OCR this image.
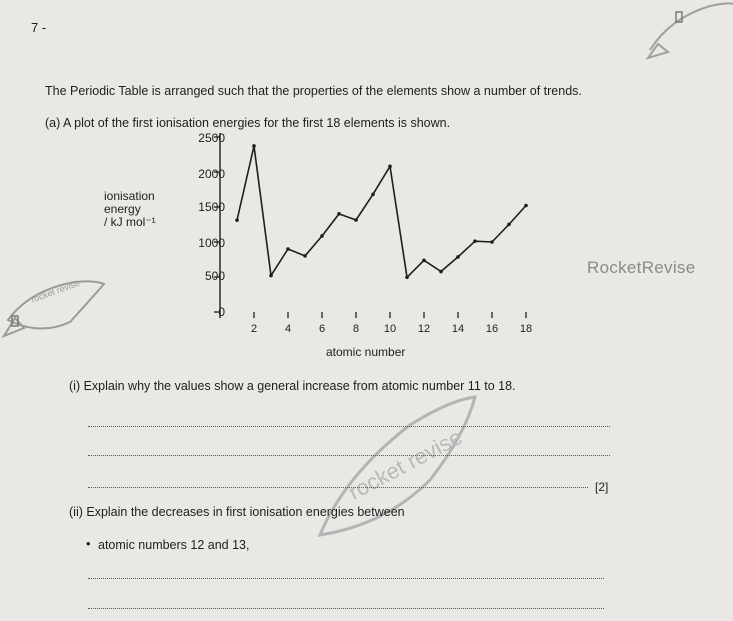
7 -
The Periodic Table is arranged such that the properties of the elements show a number of trends.
(a) A plot of the first ionisation energies for the first 18 elements is shown.
ionisation
energy
/ kJ mol⁻¹
2500
2000
1500
1000
500
0
2	4	6	8	10	12	14	16	18
atomic number
RocketRevise
rocket revise
rocket revise
(i) Explain why the values show a general increase from atomic number 11 to 18.
[2]
(ii) Explain the decreases in first ionisation energies between
• atomic numbers 12 and 13,
